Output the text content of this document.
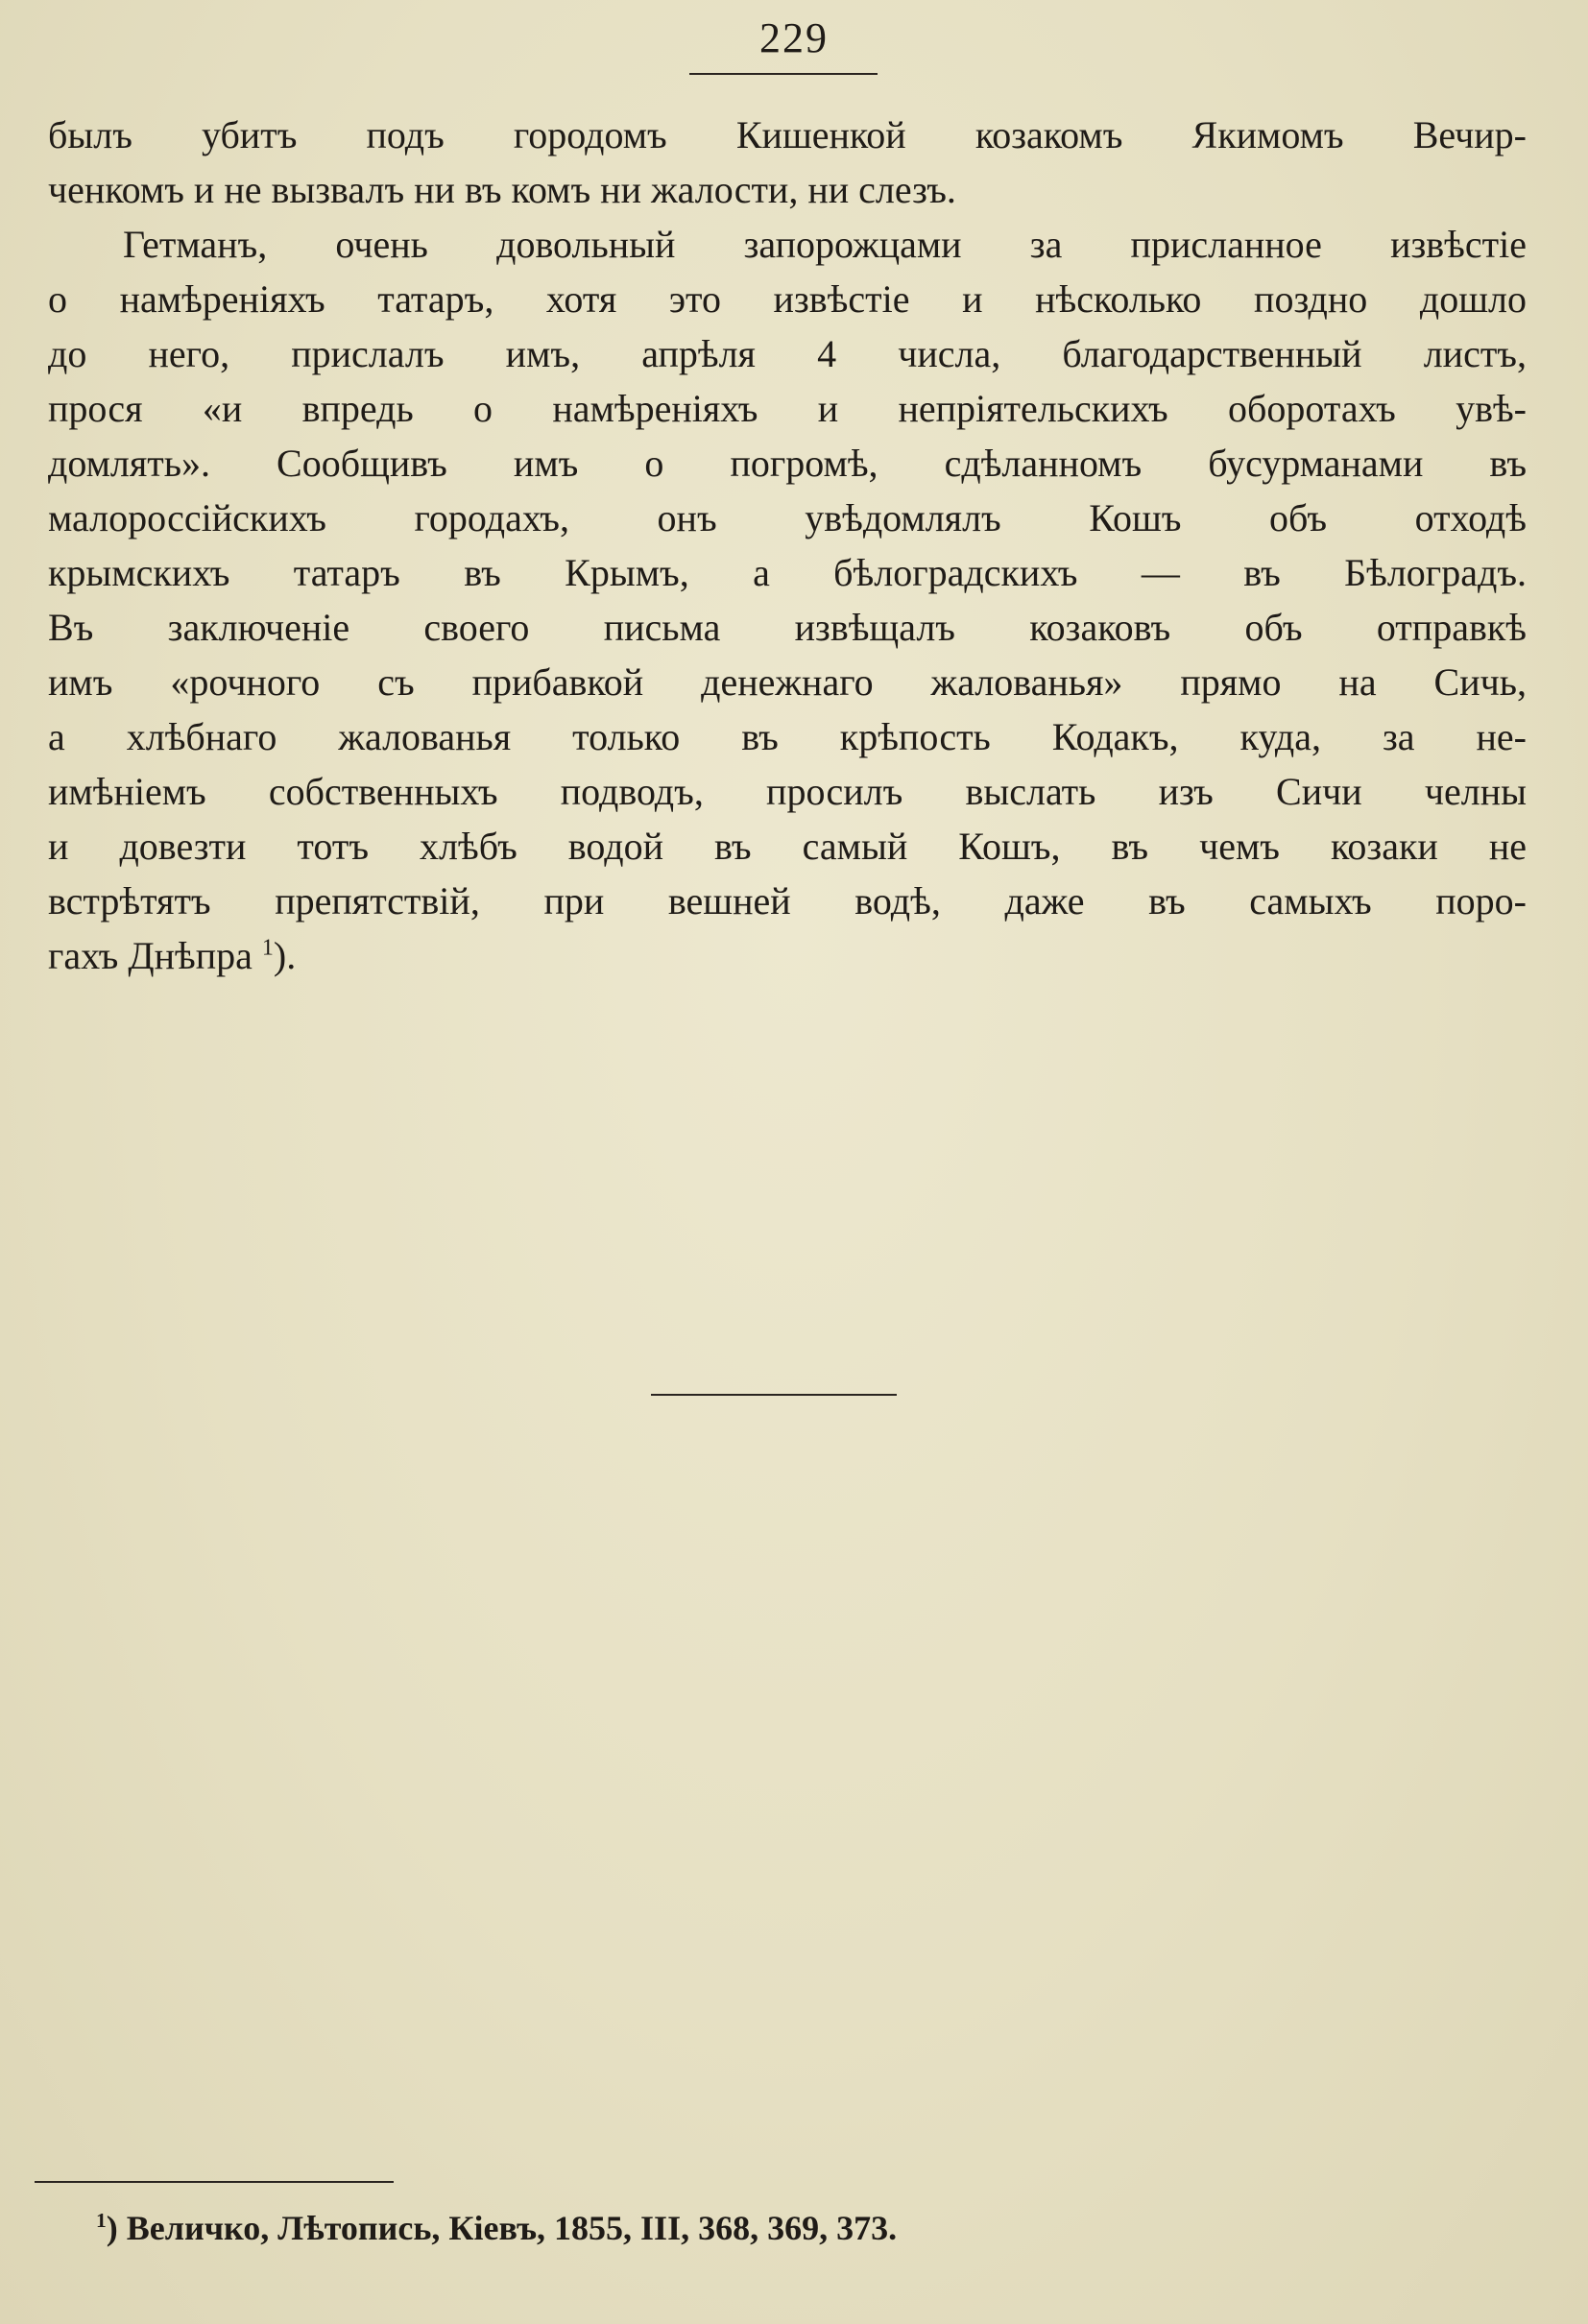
229
былъ убитъ подъ городомъ Кишенкой козакомъ Якимомъ Вечир-
ченкомъ и не вызвалъ ни въ комъ ни жалости, ни слезъ.
Гетманъ, очень довольный запорожцами за присланное извѣстіе
о намѣреніяхъ татаръ, хотя это извѣстіе и нѣсколько поздно дошло
до него, прислалъ имъ, апрѣля 4 числа, благодарственный листъ,
прося «и впредь о намѣреніяхъ и непріятельскихъ оборотахъ увѣ-
домлять». Сообщивъ имъ о погромѣ, сдѣланномъ бусурманами въ
малороссійскихъ городахъ, онъ увѣдомлялъ Кошъ объ отходѣ
крымскихъ татаръ въ Крымъ, а бѣлоградскихъ — въ Бѣлоградъ.
Въ заключеніе своего письма извѣщалъ козаковъ объ отправкѣ
имъ «рочного съ прибавкой денежнаго жалованья» прямо на Сичь,
а хлѣбнаго жалованья только въ крѣпость Кодакъ, куда, за не-
имѣніемъ собственныхъ подводъ, просилъ выслать изъ Сичи челны
и довезти тотъ хлѣбъ водой въ самый Кошъ, въ чемъ козаки не
встрѣтятъ препятствій, при вешней водѣ, даже въ самыхъ поро-
гахъ Днѣпра $^1$).
$^1$) Величко, Лѣтопись, Кіевъ, 1855, III, 368, 369, 373.
